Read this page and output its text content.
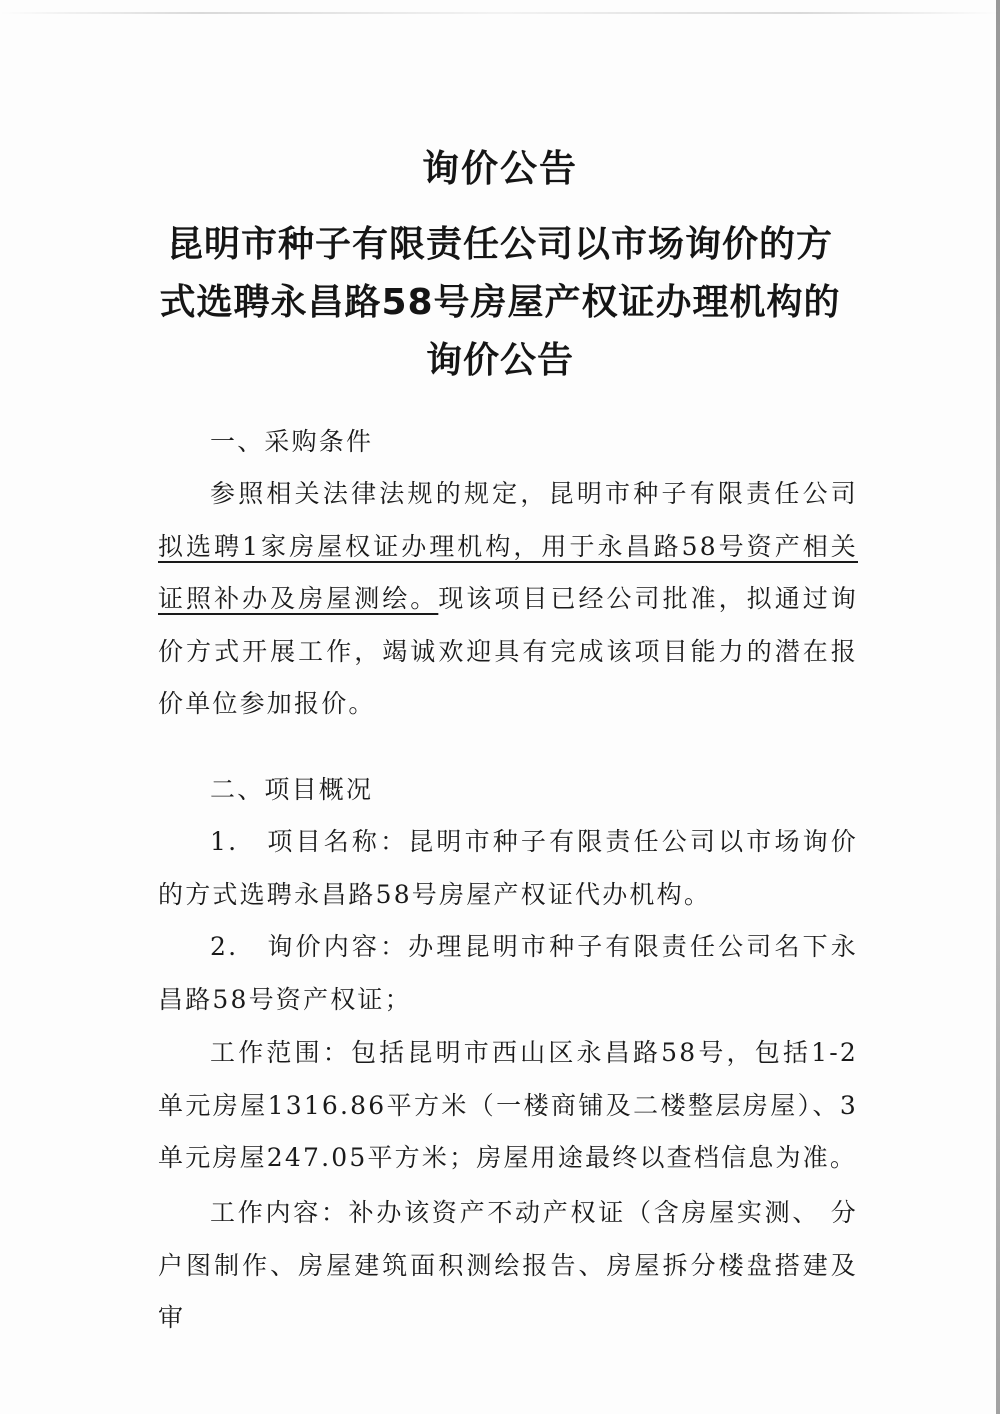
询价公告
昆明市种子有限责任公司以市场询价的方式选聘永昌路58号房屋产权证办理机构的询价公告
一、采购条件
参照相关法律法规的规定，昆明市种子有限责任公司拟选聘1家房屋权证办理机构，用于永昌路58号资产相关证照补办及房屋测绘。现该项目已经公司批准，拟通过询价方式开展工作，竭诚欢迎具有完成该项目能力的潜在报价单位参加报价。
二、项目概况
1.　项目名称：昆明市种子有限责任公司以市场询价的方式选聘永昌路58号房屋产权证代办机构。
2.　询价内容：办理昆明市种子有限责任公司名下永昌路58号资产权证；
工作范围：包括昆明市西山区永昌路58号，包括1-2单元房屋1316.86平方米（一楼商铺及二楼整层房屋）、3单元房屋247.05平方米；房屋用途最终以查档信息为准。
工作内容：补办该资产不动产权证（含房屋实测、 分户图制作、房屋建筑面积测绘报告、房屋拆分楼盘搭建及审
